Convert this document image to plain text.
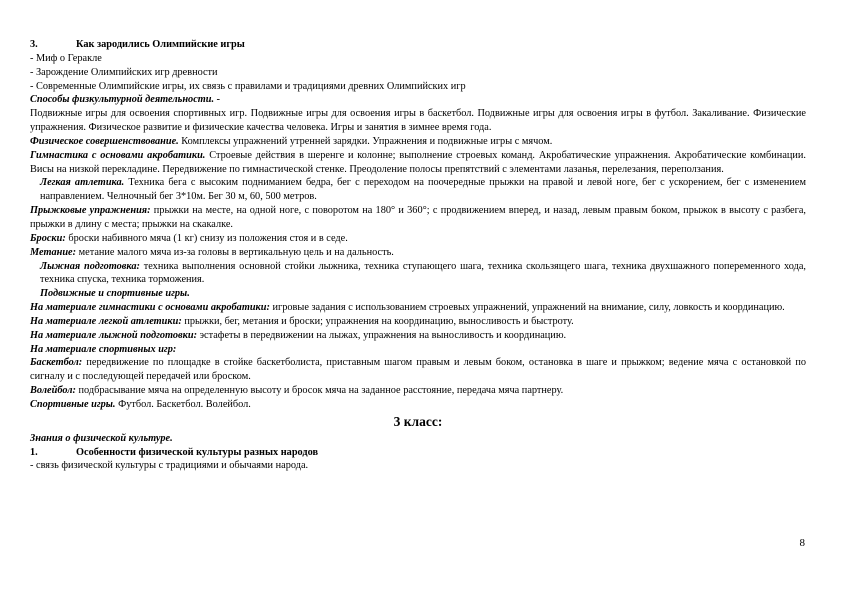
3.	Как зародились Олимпийские игры

- Миф о Геракле

- Зарождение Олимпийских игр древности

- Современные Олимпийские игры, их связь с правилами и традициями древних Олимпийских игр

Способы физкультурной деятельности. -

Подвижные игры для освоения спортивных игр. Подвижные игры для освоения игры в баскетбол. Подвижные игры для освоения игры в футбол. Закаливание. Физические упражнения. Физическое развитие и физические качества человека. Игры и занятия в зимнее время года.

Физическое совершенствование. Комплексы упражнений утренней зарядки. Упражнения и подвижные игры с мячом.

Гимнастика с основами акробатики. Строевые действия в шеренге и колонне; выполнение строевых команд. Акробатические упражнения. Акробатические комбинации. Висы на низкой перекладине. Передвижение по гимнастической стенке. Преодоление полосы препятствий с элементами лазанья, перелезания, переползания.

Легкая атлетика. Техника бега с высоким подниманием бедра, бег с переходом на поочередные прыжки на правой и левой ноге, бег с ускорением, бег с изменением направлением. Челночный бег 3*10м. Бег 30 м, 60, 500 метров.

Прыжковые упражнения: прыжки на месте, на одной ноге, с поворотом на 180° и 360°; с продвижением вперед, и назад, левым правым боком, прыжок в высоту с разбега, прыжки в длину с места; прыжки на скакалке.

Броски: броски набивного мяча (1 кг) снизу из положения стоя и в седе.

Метание: метание малого мяча из-за головы в вертикальную цель и на дальность.

Лыжная подготовка: техника выполнения основной стойки лыжника, техника ступающего шага, техника скользящего шага, техника двухшажного попеременного хода, техника спуска, техника торможения.

Подвижные и спортивные игры.

На материале гимнастики с основами акробатики: игровые задания с использованием строевых упражнений, упражнений на внимание, силу, ловкость и координацию.

На материале легкой атлетики: прыжки, бег, метания и броски; упражнения на координацию, выносливость и быстроту.

На материале лыжной подготовки: эстафеты в передвижении на лыжах, упражнения на выносливость и координацию.

На материале спортивных игр:

Баскетбол: передвижение по площадке в стойке баскетболиста, приставным шагом правым и левым боком, остановка в шаге и прыжком; ведение мяча с остановкой по сигналу и с последующей передачей или броском.

Волейбол: подбрасывание мяча на определенную высоту и бросок мяча на заданное расстояние, передача мяча партнеру.

Спортивные игры. Футбол. Баскетбол. Волейбол.

3 класс:

Знания о физической культуре.

1.	Особенности физической культуры разных народов

- связь физической культуры с традициями и обычаями народа.

8
